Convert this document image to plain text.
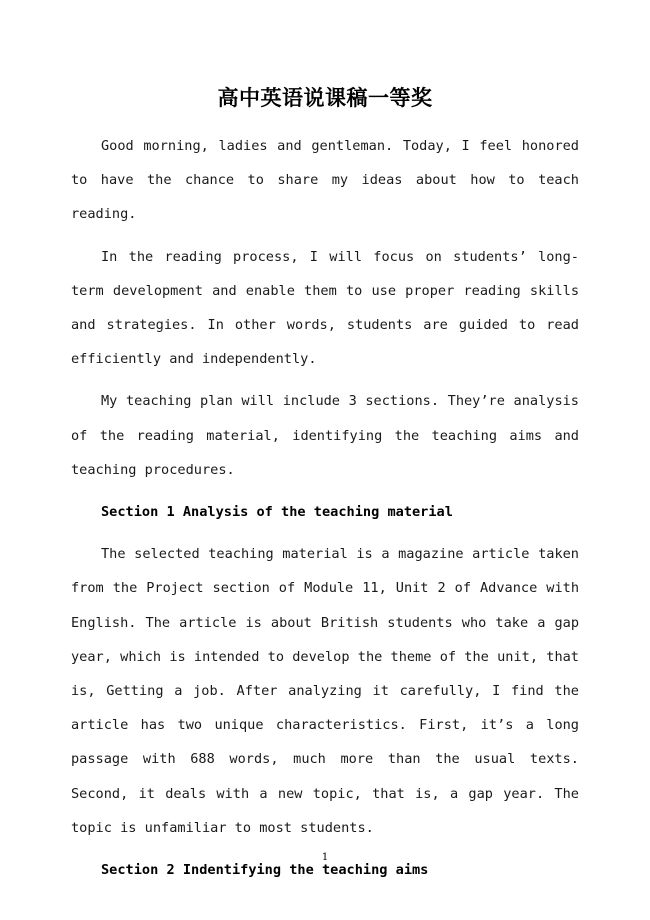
高中英语说课稿一等奖

Good morning, ladies and gentleman. Today, I feel honored to have the chance to share my ideas about how to teach reading.

In the reading process, I will focus on students’ long-term development and enable them to use proper reading skills and strategies. In other words, students are guided to read efficiently and independently.

My teaching plan will include 3 sections. They’re analysis of the reading material, identifying the teaching aims and teaching procedures.

Section 1 Analysis of the teaching material

The selected teaching material is a magazine article taken from the Project section of Module 11, Unit 2 of Advance with English. The article is about British students who take a gap year, which is intended to develop the theme of the unit, that is, Getting a job. After analyzing it carefully, I find the article has two unique characteristics. First, it’s a long passage with 688 words, much more than the usual texts. Second, it deals with a new topic, that is, a gap year. The topic is unfamiliar to most students.

Section 2 Indentifying the teaching aims

1
